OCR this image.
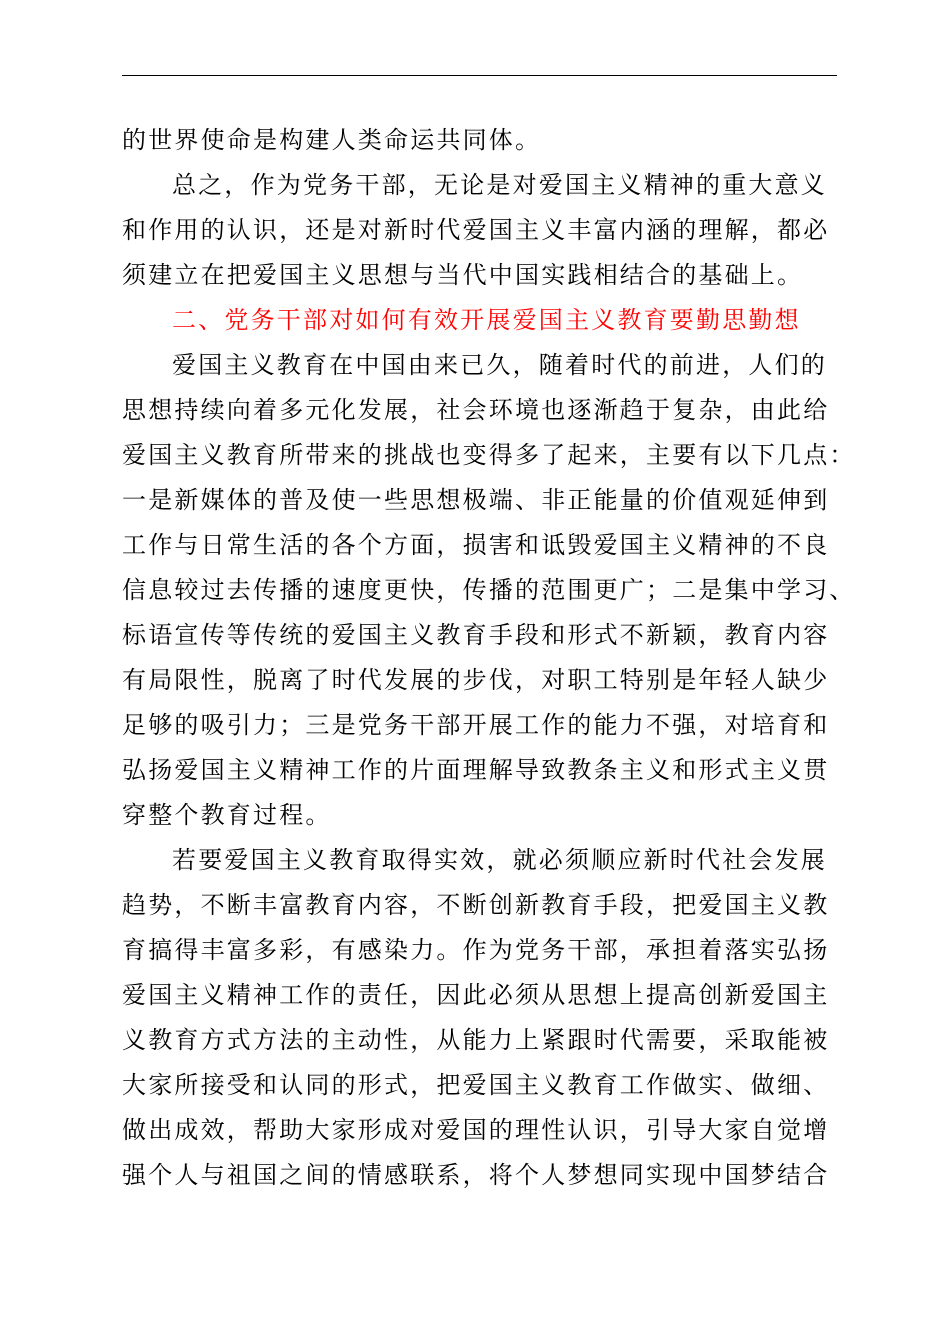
的世界使命是构建人类命运共同体。
总之，作为党务干部，无论是对爱国主义精神的重大意义
和作用的认识，还是对新时代爱国主义丰富内涵的理解，都必
须建立在把爱国主义思想与当代中国实践相结合的基础上。
二、党务干部对如何有效开展爱国主义教育要勤思勤想
爱国主义教育在中国由来已久，随着时代的前进，人们的
思想持续向着多元化发展，社会环境也逐渐趋于复杂，由此给
爱国主义教育所带来的挑战也变得多了起来，主要有以下几点：
一是新媒体的普及使一些思想极端、非正能量的价值观延伸到
工作与日常生活的各个方面，损害和诋毁爱国主义精神的不良
信息较过去传播的速度更快，传播的范围更广；二是集中学习、
标语宣传等传统的爱国主义教育手段和形式不新颖，教育内容
有局限性，脱离了时代发展的步伐，对职工特别是年轻人缺少
足够的吸引力；三是党务干部开展工作的能力不强，对培育和
弘扬爱国主义精神工作的片面理解导致教条主义和形式主义贯
穿整个教育过程。
若要爱国主义教育取得实效，就必须顺应新时代社会发展
趋势，不断丰富教育内容，不断创新教育手段，把爱国主义教
育搞得丰富多彩，有感染力。作为党务干部，承担着落实弘扬
爱国主义精神工作的责任，因此必须从思想上提高创新爱国主
义教育方式方法的主动性，从能力上紧跟时代需要，采取能被
大家所接受和认同的形式，把爱国主义教育工作做实、做细、
做出成效，帮助大家形成对爱国的理性认识，引导大家自觉增
强个人与祖国之间的情感联系，将个人梦想同实现中国梦结合
